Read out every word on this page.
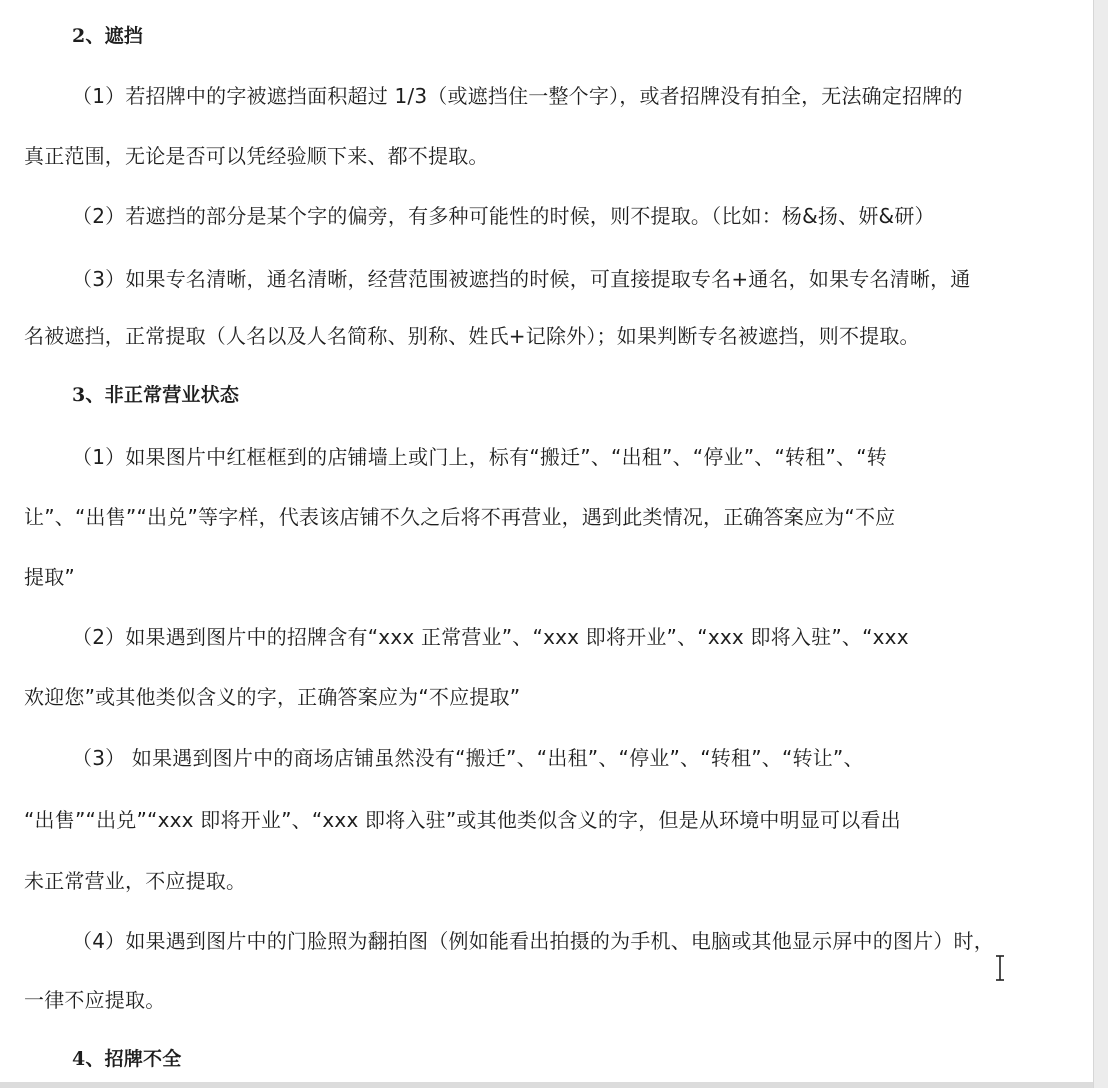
2、遮挡
（1）若招牌中的字被遮挡面积超过 1/3（或遮挡住一整个字），或者招牌没有拍全，无法确定招牌的
真正范围，无论是否可以凭经验顺下来、都不提取。
（2）若遮挡的部分是某个字的偏旁，有多种可能性的时候，则不提取。（比如：杨&扬、妍&研）
（3）如果专名清晰，通名清晰，经营范围被遮挡的时候，可直接提取专名+通名，如果专名清晰，通
名被遮挡，正常提取（人名以及人名简称、别称、姓氏+记除外）；如果判断专名被遮挡，则不提取。
3、非正常营业状态
（1）如果图片中红框框到的店铺墙上或门上，标有“搬迁”、“出租”、“停业”、“转租”、“转
让”、“出售”“出兑”等字样，代表该店铺不久之后将不再营业，遇到此类情况，正确答案应为“不应
提取”
（2）如果遇到图片中的招牌含有“xxx 正常营业”、“xxx 即将开业”、“xxx 即将入驻”、“xxx
欢迎您”或其他类似含义的字，正确答案应为“不应提取”
（3） 如果遇到图片中的商场店铺虽然没有“搬迁”、“出租”、“停业”、“转租”、“转让”、
“出售”“出兑”“xxx 即将开业”、“xxx 即将入驻”或其他类似含义的字，但是从环境中明显可以看出
未正常营业，不应提取。
（4）如果遇到图片中的门脸照为翻拍图（例如能看出拍摄的为手机、电脑或其他显示屏中的图片）时，
一律不应提取。
4、招牌不全
